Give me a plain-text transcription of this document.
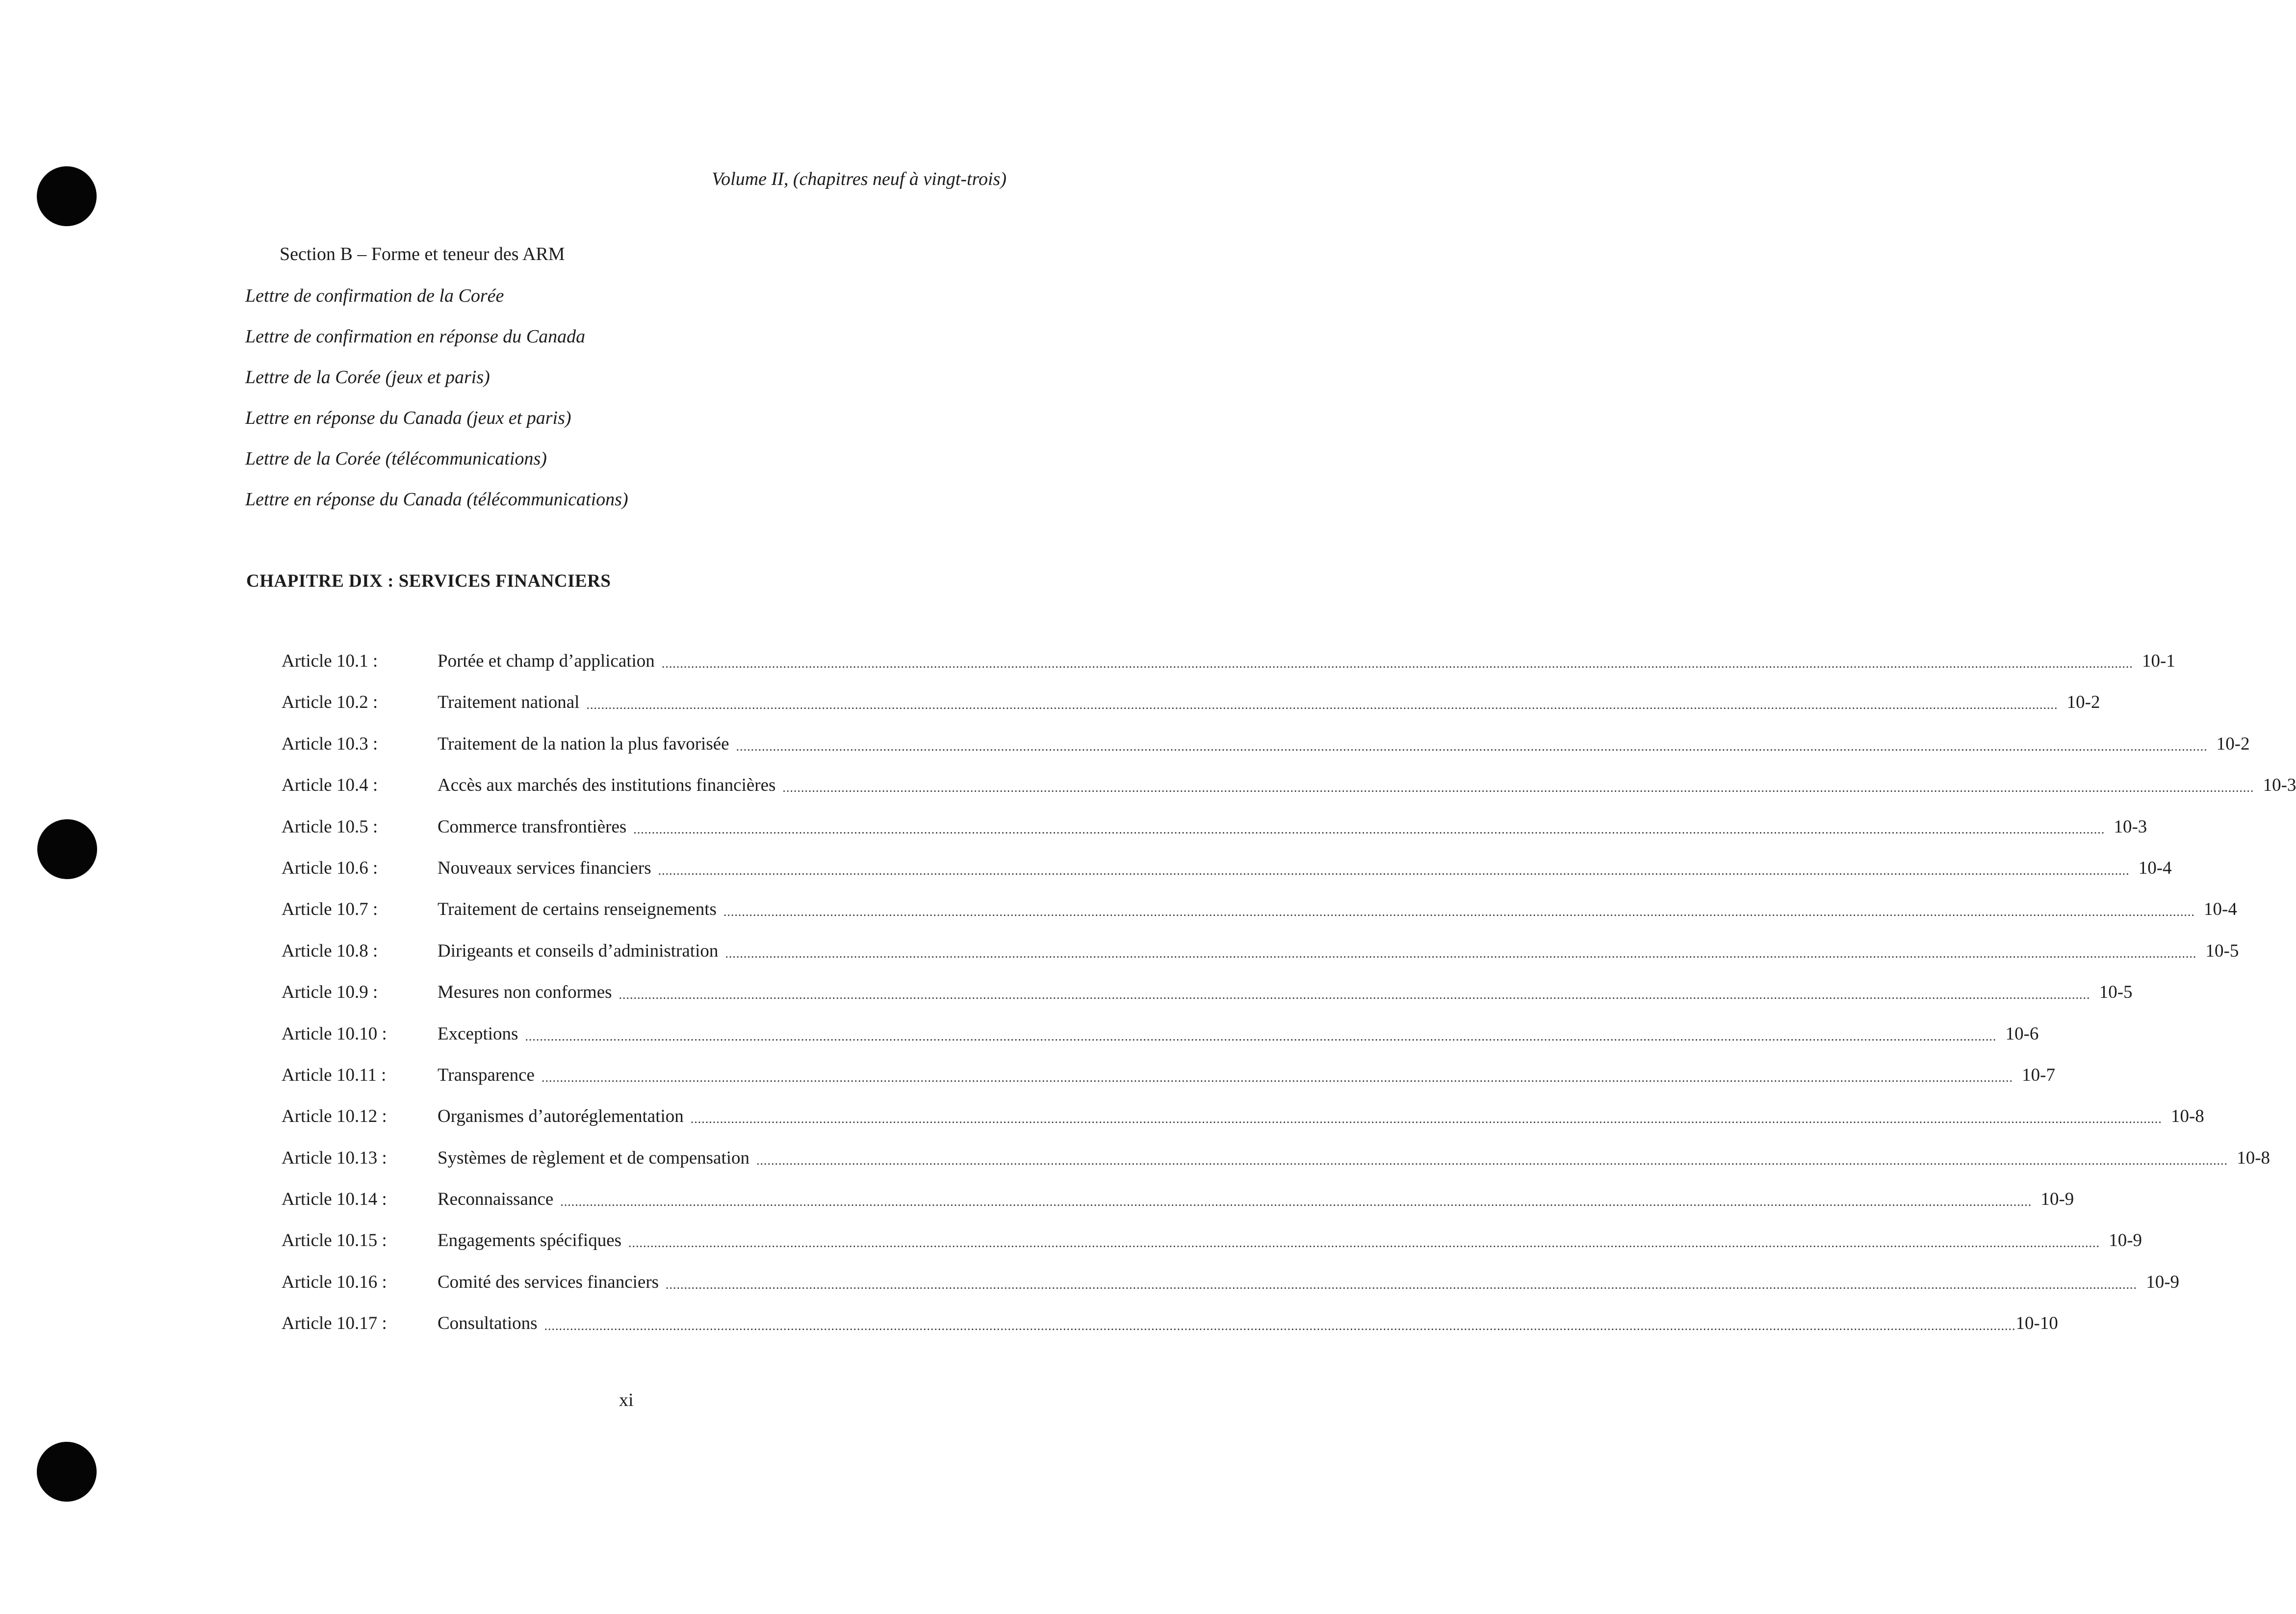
Volume II, (chapitres neuf à vingt-trois)
Section B – Forme et teneur des ARM
Lettre de confirmation de la Corée
Lettre de confirmation en réponse du Canada
Lettre de la Corée (jeux et paris)
Lettre en réponse du Canada (jeux et paris)
Lettre de la Corée (télécommunications)
Lettre en réponse du Canada (télécommunications)
CHAPITRE DIX : SERVICES FINANCIERS
Article 10.1 :	Portée et champ d’application ................................................................................................................................................................................................................................................................................................................................................................................................................ 10-1
Article 10.2 :	Traitement national ................................................................................................................................................................................................................................................................................................................................................................................................................ 10-2
Article 10.3 :	Traitement de la nation la plus favorisée ................................................................................................................................................................................................................................................................................................................................................................................................................ 10-2
Article 10.4 :	Accès aux marchés des institutions financières ................................................................................................................................................................................................................................................................................................................................................................................................................ 10-3
Article 10.5 :	Commerce transfrontières ................................................................................................................................................................................................................................................................................................................................................................................................................ 10-3
Article 10.6 :	Nouveaux services financiers ................................................................................................................................................................................................................................................................................................................................................................................................................ 10-4
Article 10.7 :	Traitement de certains renseignements ................................................................................................................................................................................................................................................................................................................................................................................................................ 10-4
Article 10.8 :	Dirigeants et conseils d’administration ................................................................................................................................................................................................................................................................................................................................................................................................................ 10-5
Article 10.9 :	Mesures non conformes ................................................................................................................................................................................................................................................................................................................................................................................................................ 10-5
Article 10.10 :	Exceptions ................................................................................................................................................................................................................................................................................................................................................................................................................ 10-6
Article 10.11 :	Transparence ................................................................................................................................................................................................................................................................................................................................................................................................................ 10-7
Article 10.12 :	Organismes d’autoréglementation ................................................................................................................................................................................................................................................................................................................................................................................................................ 10-8
Article 10.13 :	Systèmes de règlement et de compensation ................................................................................................................................................................................................................................................................................................................................................................................................................ 10-8
Article 10.14 :	Reconnaissance ................................................................................................................................................................................................................................................................................................................................................................................................................ 10-9
Article 10.15 :	Engagements spécifiques ................................................................................................................................................................................................................................................................................................................................................................................................................ 10-9
Article 10.16 :	Comité des services financiers ................................................................................................................................................................................................................................................................................................................................................................................................................ 10-9
Article 10.17 :	Consultations ................................................................................................................................................................................................................................................................................................................................................................................................................ 10-10
xi
